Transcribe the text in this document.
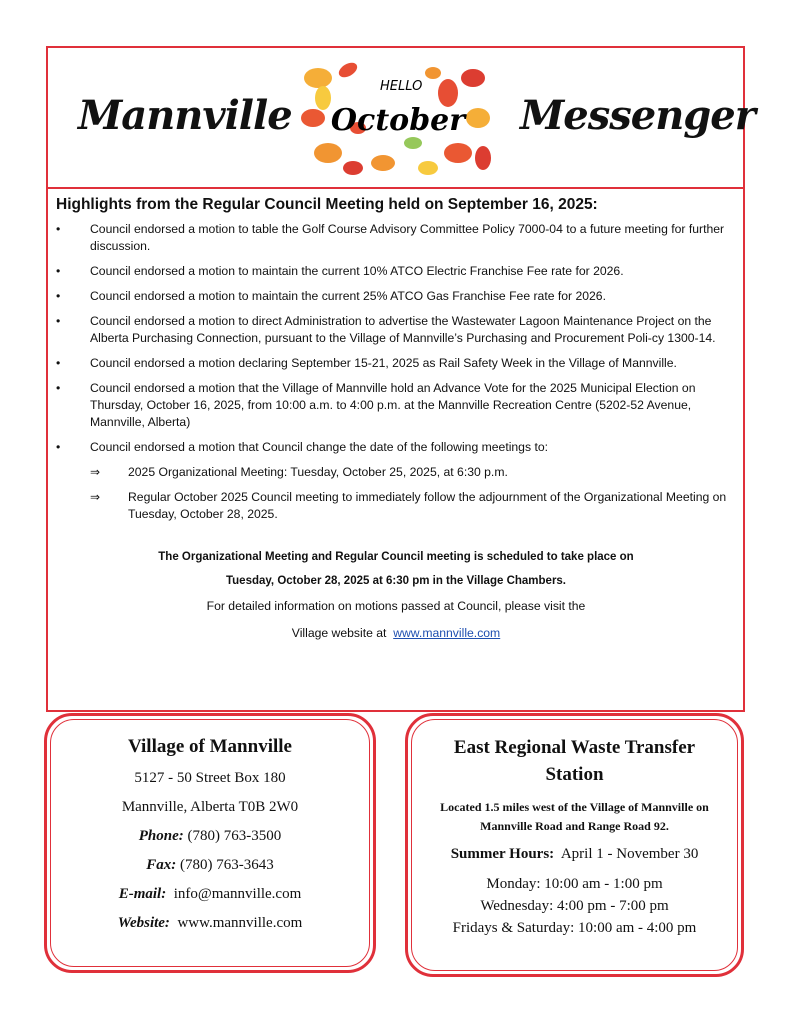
Mannville
HELLO
October Messenger
Highlights from the Regular Council Meeting held on September 16, 2025:
• Council endorsed a motion to table the Golf Course Advisory Committee Policy 7000-04 to a future meeting for further discussion.
• Council endorsed a motion to maintain the current 10% ATCO Electric Franchise Fee rate for 2026.
• Council endorsed a motion to maintain the current 25% ATCO Gas Franchise Fee rate for 2026.
• Council endorsed a motion to direct Administration to advertise the Wastewater Lagoon Maintenance Project on the Alberta Purchasing Connection, pursuant to the Village of Mannville’s Purchasing and Procurement Poli-cy 1300-14.
• Council endorsed a motion declaring September 15-21, 2025 as Rail Safety Week in the Village of Mannville.
• Council endorsed a motion that the Village of Mannville hold an Advance Vote for the 2025 Municipal Election on Thursday, October 16, 2025, from 10:00 a.m. to 4:00 p.m. at the Mannville Recreation Centre (5202-52 Avenue, Mannville, Alberta)
• Council endorsed a motion that Council change the date of the following meetings to:
⇒ 2025 Organizational Meeting: Tuesday, October 25, 2025, at 6:30 p.m.
⇒ Regular October 2025 Council meeting to immediately follow the adjournment of the Organizational Meeting on Tuesday, October 28, 2025.
The Organizational Meeting and Regular Council meeting is scheduled to take place on
Tuesday, October 28, 2025 at 6:30 pm in the Village Chambers.
For detailed information on motions passed at Council, please visit the
Village website at www.mannville.com

Village of Mannville

5127 - 50 Street Box 180

Mannville, Alberta T0B 2W0

Phone: (780) 763-3500

Fax: (780) 763-3643

E-mail:  info@mannville.com

Website:  www.mannville.com

East Regional Waste Transfer Station

Located 1.5 miles west of the Village of Mannville on Mannville Road and Range Road 92.

Summer Hours:  April 1 - November 30

Monday: 10:00 am - 1:00 pm

Wednesday: 4:00 pm - 7:00 pm

Fridays & Saturday: 10:00 am - 4:00 pm
